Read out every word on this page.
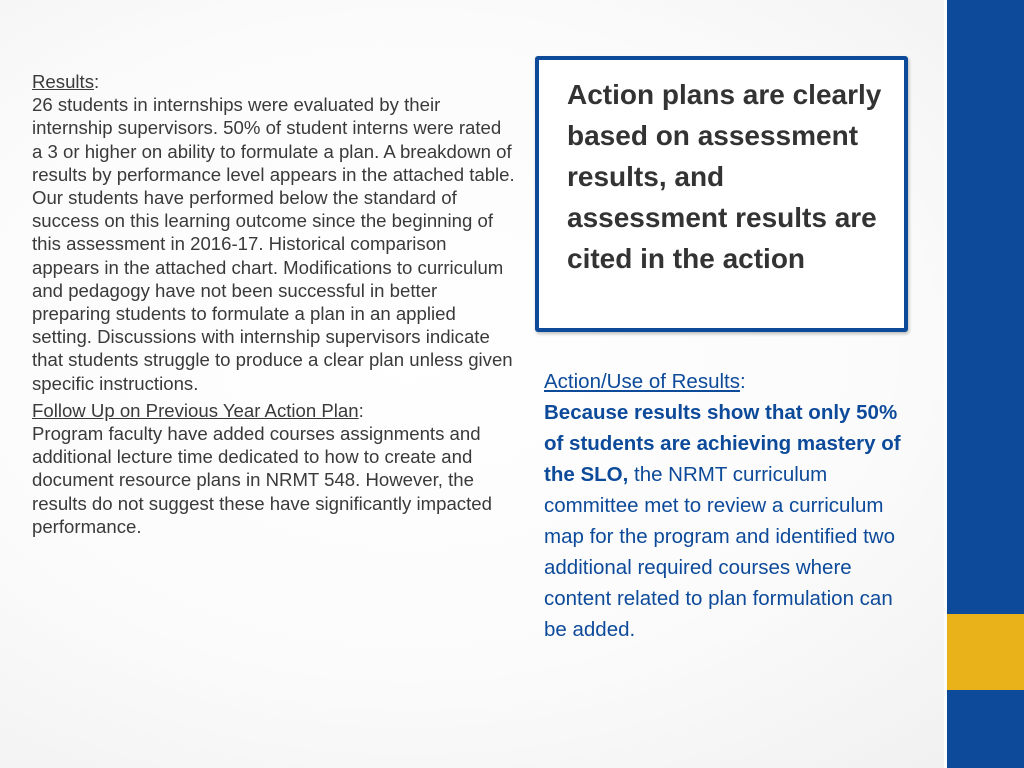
Results:
26 students in internships were evaluated by their internship supervisors. 50% of student interns were rated a 3 or higher on ability to formulate a plan. A breakdown of results by performance level appears in the attached table. Our students have performed below the standard of success on this learning outcome since the beginning of this assessment in 2016-17. Historical comparison appears in the attached chart. Modifications to curriculum and pedagogy have not been successful in better preparing students to formulate a plan in an applied setting. Discussions with internship supervisors indicate that students struggle to produce a clear plan unless given specific instructions.

Follow Up on Previous Year Action Plan:
Program faculty have added courses assignments and additional lecture time dedicated to how to create and document resource plans in NRMT 548. However, the results do not suggest these have significantly impacted performance.

Action plans are clearly based on assessment results, and assessment results are cited in the action

Action/Use of Results:

Because results show that only 50% of students are achieving mastery of the SLO, the NRMT curriculum committee met to review a curriculum map for the program and identified two additional required courses where content related to plan formulation can be added.
